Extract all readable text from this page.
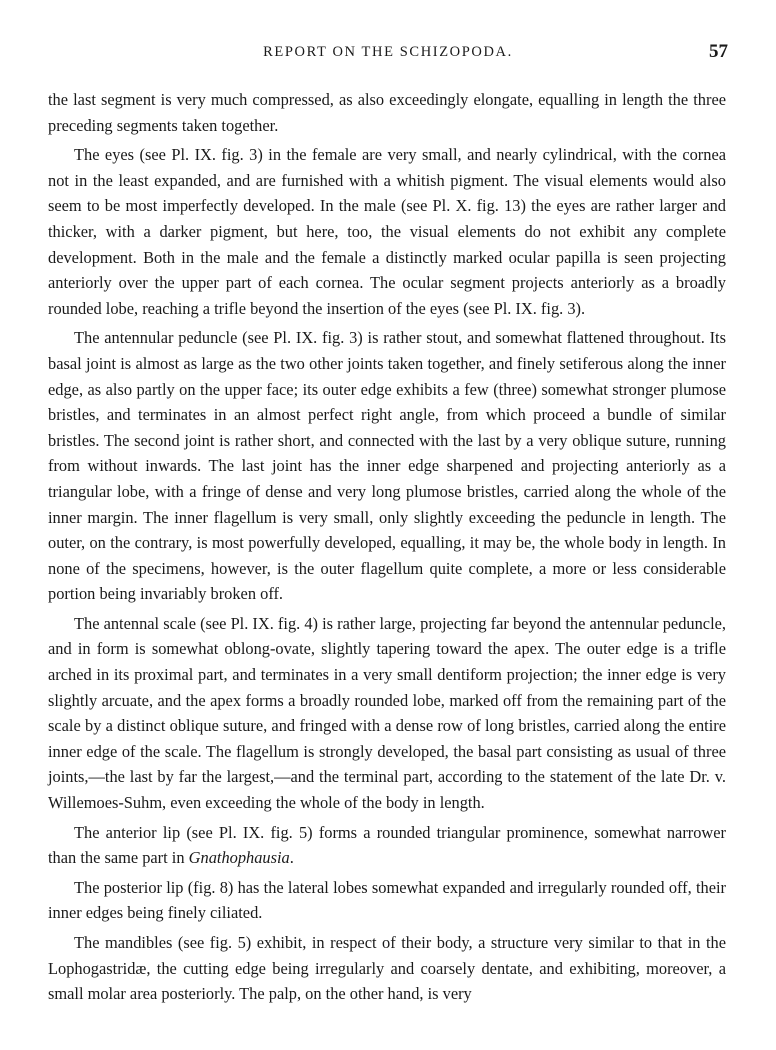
REPORT ON THE SCHIZOPODA.	57

the last segment is very much compressed, as also exceedingly elongate, equalling in length the three preceding segments taken together.

The eyes (see Pl. IX. fig. 3) in the female are very small, and nearly cylindrical, with the cornea not in the least expanded, and are furnished with a whitish pigment. The visual elements would also seem to be most imperfectly developed. In the male (see Pl. X. fig. 13) the eyes are rather larger and thicker, with a darker pigment, but here, too, the visual elements do not exhibit any complete development. Both in the male and the female a distinctly marked ocular papilla is seen projecting anteriorly over the upper part of each cornea. The ocular segment projects anteriorly as a broadly rounded lobe, reaching a trifle beyond the insertion of the eyes (see Pl. IX. fig. 3).

The antennular peduncle (see Pl. IX. fig. 3) is rather stout, and somewhat flattened throughout. Its basal joint is almost as large as the two other joints taken together, and finely setiferous along the inner edge, as also partly on the upper face; its outer edge exhibits a few (three) somewhat stronger plumose bristles, and terminates in an almost perfect right angle, from which proceed a bundle of similar bristles. The second joint is rather short, and connected with the last by a very oblique suture, running from without inwards. The last joint has the inner edge sharpened and projecting anteriorly as a triangular lobe, with a fringe of dense and very long plumose bristles, carried along the whole of the inner margin. The inner flagellum is very small, only slightly exceeding the peduncle in length. The outer, on the contrary, is most powerfully developed, equalling, it may be, the whole body in length. In none of the specimens, however, is the outer flagellum quite complete, a more or less considerable portion being invariably broken off.

The antennal scale (see Pl. IX. fig. 4) is rather large, projecting far beyond the antennular peduncle, and in form is somewhat oblong-ovate, slightly tapering toward the apex. The outer edge is a trifle arched in its proximal part, and terminates in a very small dentiform projection; the inner edge is very slightly arcuate, and the apex forms a broadly rounded lobe, marked off from the remaining part of the scale by a distinct oblique suture, and fringed with a dense row of long bristles, carried along the entire inner edge of the scale. The flagellum is strongly developed, the basal part consisting as usual of three joints,—the last by far the largest,—and the terminal part, according to the statement of the late Dr. v. Willemoes-Suhm, even exceeding the whole of the body in length.

The anterior lip (see Pl. IX. fig. 5) forms a rounded triangular prominence, somewhat narrower than the same part in Gnathophausia.

The posterior lip (fig. 8) has the lateral lobes somewhat expanded and irregularly rounded off, their inner edges being finely ciliated.

The mandibles (see fig. 5) exhibit, in respect of their body, a structure very similar to that in the Lophogastridæ, the cutting edge being irregularly and coarsely dentate, and exhibiting, moreover, a small molar area posteriorly. The palp, on the other hand, is very
